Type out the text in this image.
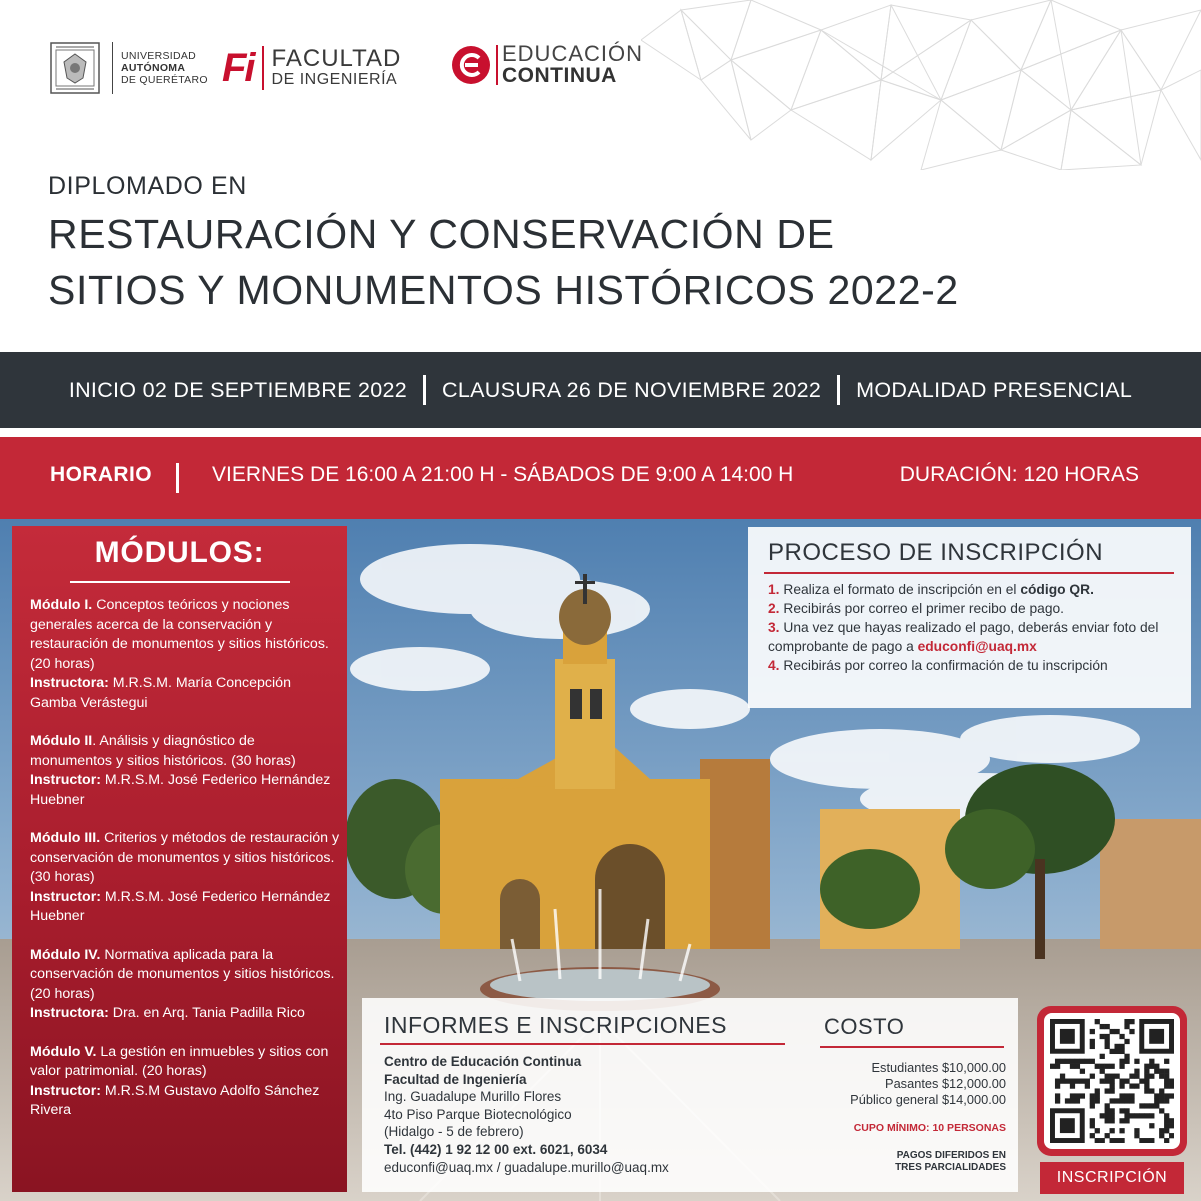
UNIVERSIDAD
AUTÓNOMA
DE QUERÉTARO Fi FACULTAD
DE INGENIERÍA
EDUCACIÓN
CONTINUA
DIPLOMADO EN
RESTAURACIÓN Y CONSERVACIÓN DE
SITIOS Y MONUMENTOS HISTÓRICOS 2022-2
INICIO 02 DE SEPTIEMBRE 2022 CLAUSURA 26 DE NOVIEMBRE 2022 MODALIDAD PRESENCIAL
HORARIO	VIERNES DE 16:00 A 21:00 H - SÁBADOS DE 9:00 A 14:00 H	DURACIÓN: 120 HORAS
MÓDULOS:
Módulo I. Conceptos teóricos y nociones generales acerca de la conservación y restauración de monumentos y sitios históricos. (20 horas)
Instructora: M.R.S.M. María Concepción Gamba Verástegui
Módulo II. Análisis y diagnóstico de monumentos y sitios históricos. (30 horas)
Instructor: M.R.S.M. José Federico Hernández Huebner
Módulo III. Criterios y métodos de restauración y conservación de monumentos y sitios históricos. (30 horas)
Instructor: M.R.S.M. José Federico Hernández Huebner
Módulo IV. Normativa aplicada para la conservación de monumentos y sitios históricos. (20 horas)
Instructora: Dra. en Arq. Tania Padilla Rico
Módulo V. La gestión en inmuebles y sitios con valor patrimonial. (20 horas)
Instructor: M.R.S.M Gustavo Adolfo Sánchez Rivera
PROCESO DE INSCRIPCIÓN
1. Realiza el formato de inscripción en el código QR.
2. Recibirás por correo el primer recibo de pago.
3. Una vez que hayas realizado el pago, deberás enviar foto del comprobante de pago a educonfi@uaq.mx
4. Recibirás por correo la confirmación de tu inscripción
INFORMES E INSCRIPCIONES
Centro de Educación Continua
Facultad de Ingeniería
Ing. Guadalupe Murillo Flores
4to Piso Parque Biotecnológico
(Hidalgo - 5 de febrero)
Tel. (442) 1 92 12 00 ext. 6021, 6034
educonfi@uaq.mx / guadalupe.murillo@uaq.mx
COSTO
Estudiantes $10,000.00
Pasantes $12,000.00
Público general $14,000.00
CUPO MÍNIMO: 10 PERSONAS
PAGOS DIFERIDOS EN
TRES PARCIALIDADES
INSCRIPCIÓN
